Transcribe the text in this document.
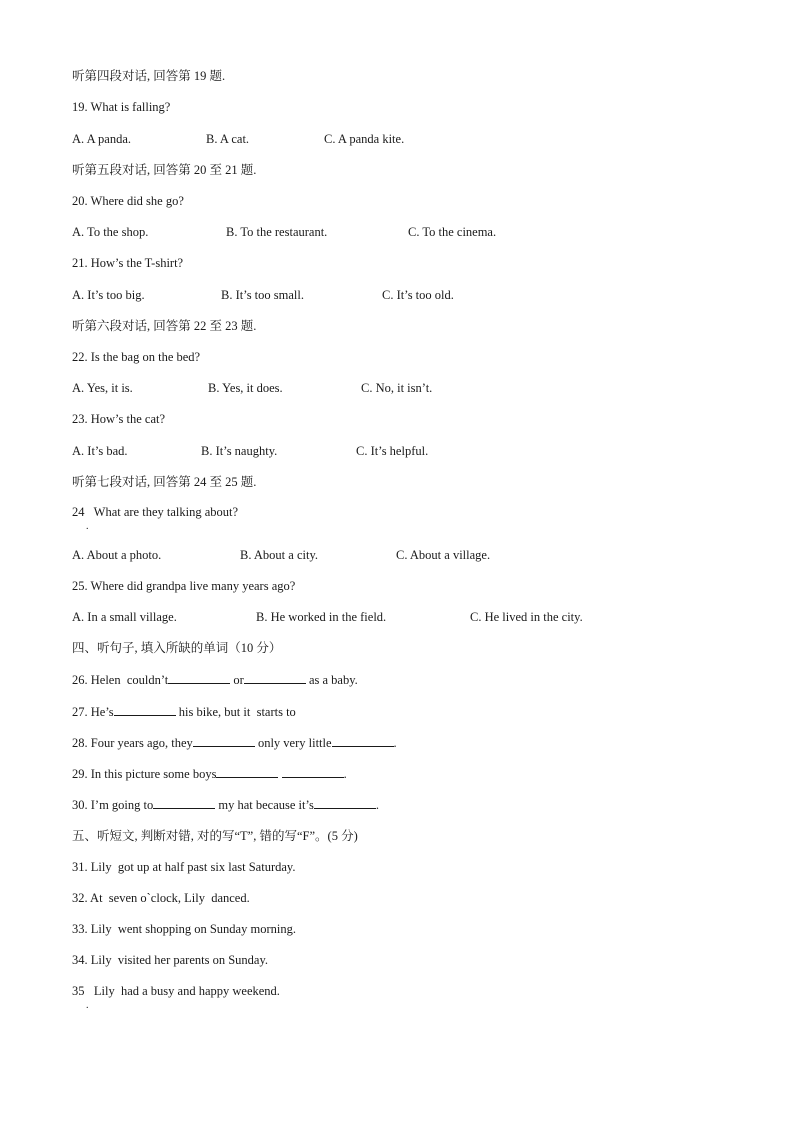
听第四段对话, 回答第 19 题.
19. What is falling?
A. A panda.	B. A cat.	C. A panda kite.
听第五段对话, 回答第 20 至 21 题.
20. Where did she go?
A. To the shop.	B. To the restaurant.	C. To the cinema.
21. How’s the T-shirt?
A. It’s too big.	B. It’s too small.	C. It’s too old.
听第六段对话, 回答第 22 至 23 题.
22. Is the bag on the bed?
A. Yes, it is.	B. Yes, it does.	C. No, it isn’t.
23. How’s the cat?
A. It’s bad.	B. It’s naughty.	C. It’s helpful.
听第七段对话, 回答第 24 至 25 题.
24   What are they talking about?
.
A. About a photo.	B. About a city.	C. About a village.
25. Where did grandpa live many years ago?
A. In a small village.	B. He worked in the field.	C. He lived in the city.
四、听句子, 填入所缺的单词（10 分）
26. Helen  couldn’t	or	as a baby.
27. He’s	his bike, but it  starts to
28. Four years ago, they	only very little	.
29. In this picture some boys	.
30. I’m going to	my hat because it’s	.
五、听短文, 判断对错, 对的写“T”, 错的写“F”。(5 分)
31. Lily  got up at half past six last Saturday.
32. At  seven o`clock, Lily  danced.
33. Lily  went shopping on Sunday morning.
34. Lily  visited her parents on Sunday.
35   Lily  had a busy and happy weekend.
.
